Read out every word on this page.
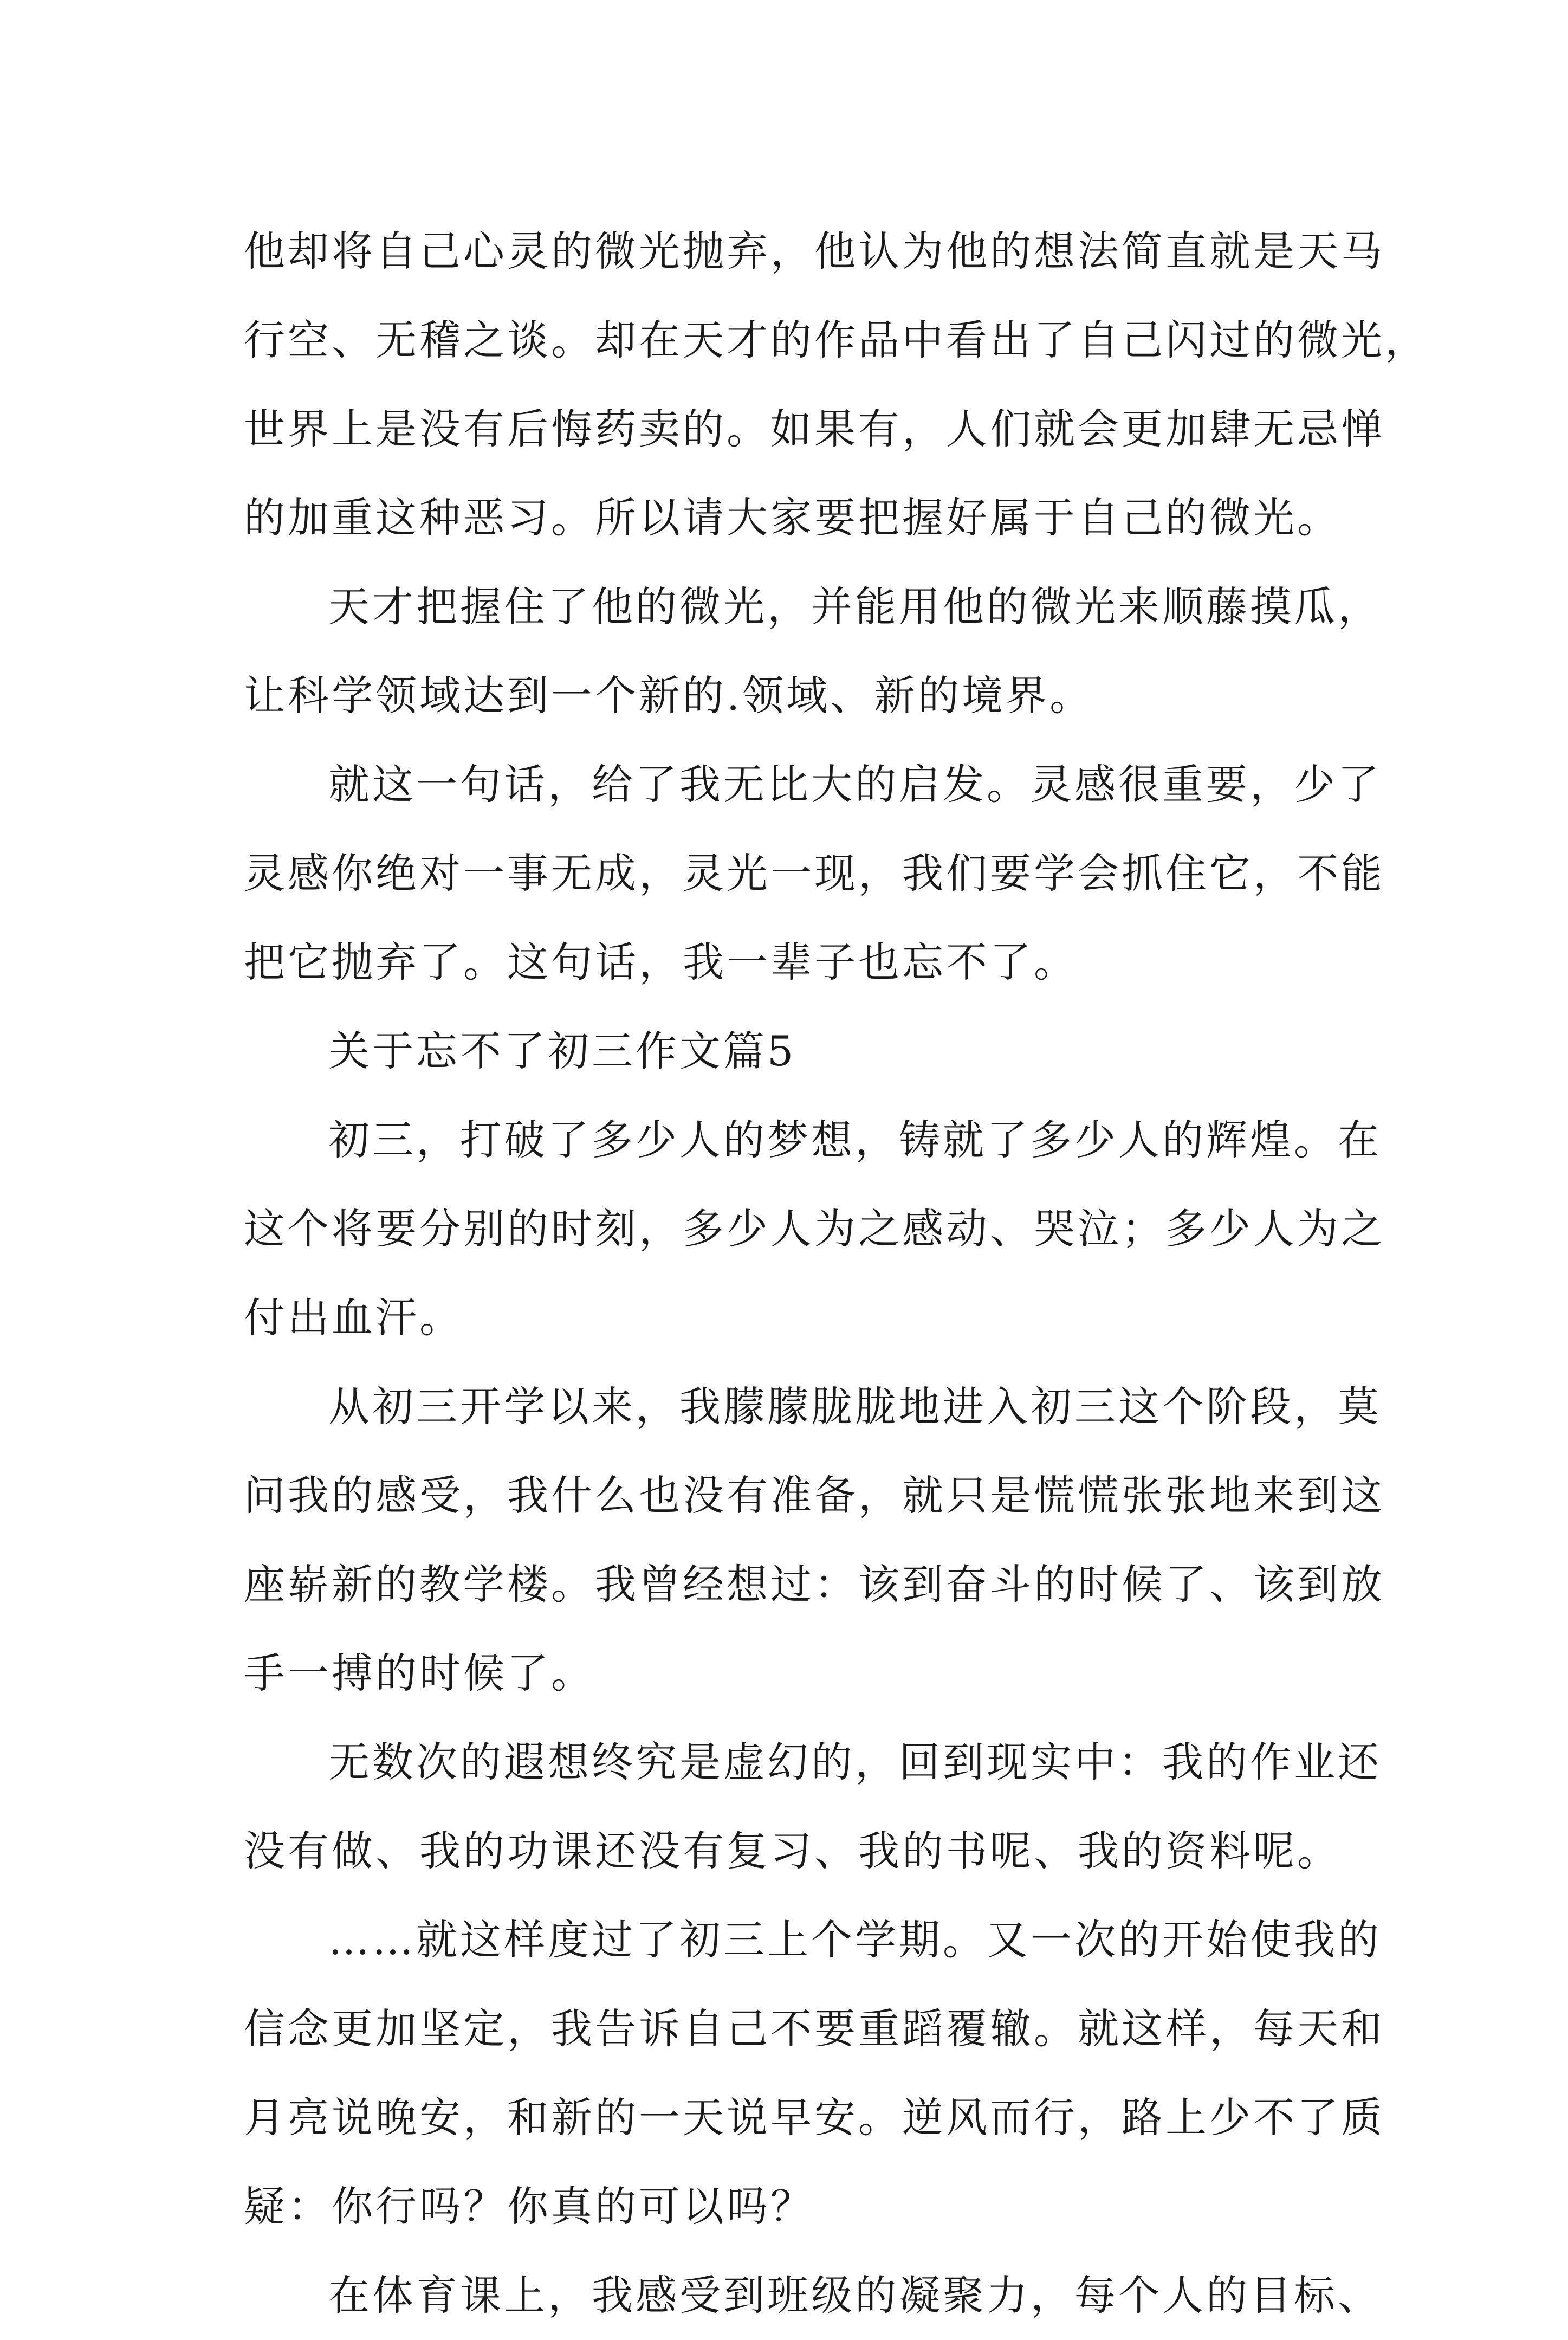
他却将自己心灵的微光抛弃，他认为他的想法简直就是天马
行空、无稽之谈。却在天才的作品中看出了自己闪过的微光，
世界上是没有后悔药卖的。如果有，人们就会更加肆无忌惮
的加重这种恶习。所以请大家要把握好属于自己的微光。
天才把握住了他的微光，并能用他的微光来顺藤摸瓜，
让科学领域达到一个新的.领域、新的境界。
就这一句话，给了我无比大的启发。灵感很重要，少了
灵感你绝对一事无成，灵光一现，我们要学会抓住它，不能
把它抛弃了。这句话，我一辈子也忘不了。
关于忘不了初三作文篇5
初三，打破了多少人的梦想，铸就了多少人的辉煌。在
这个将要分别的时刻，多少人为之感动、哭泣；多少人为之
付出血汗。
从初三开学以来，我朦朦胧胧地进入初三这个阶段，莫
问我的感受，我什么也没有准备，就只是慌慌张张地来到这
座崭新的教学楼。我曾经想过：该到奋斗的时候了、该到放
手一搏的时候了。
无数次的遐想终究是虚幻的，回到现实中：我的作业还
没有做、我的功课还没有复习、我的书呢、我的资料呢。
……就这样度过了初三上个学期。又一次的开始使我的
信念更加坚定，我告诉自己不要重蹈覆辙。就这样，每天和
月亮说晚安，和新的一天说早安。逆风而行，路上少不了质
疑：你行吗？你真的可以吗？
在体育课上，我感受到班级的凝聚力，每个人的目标、
